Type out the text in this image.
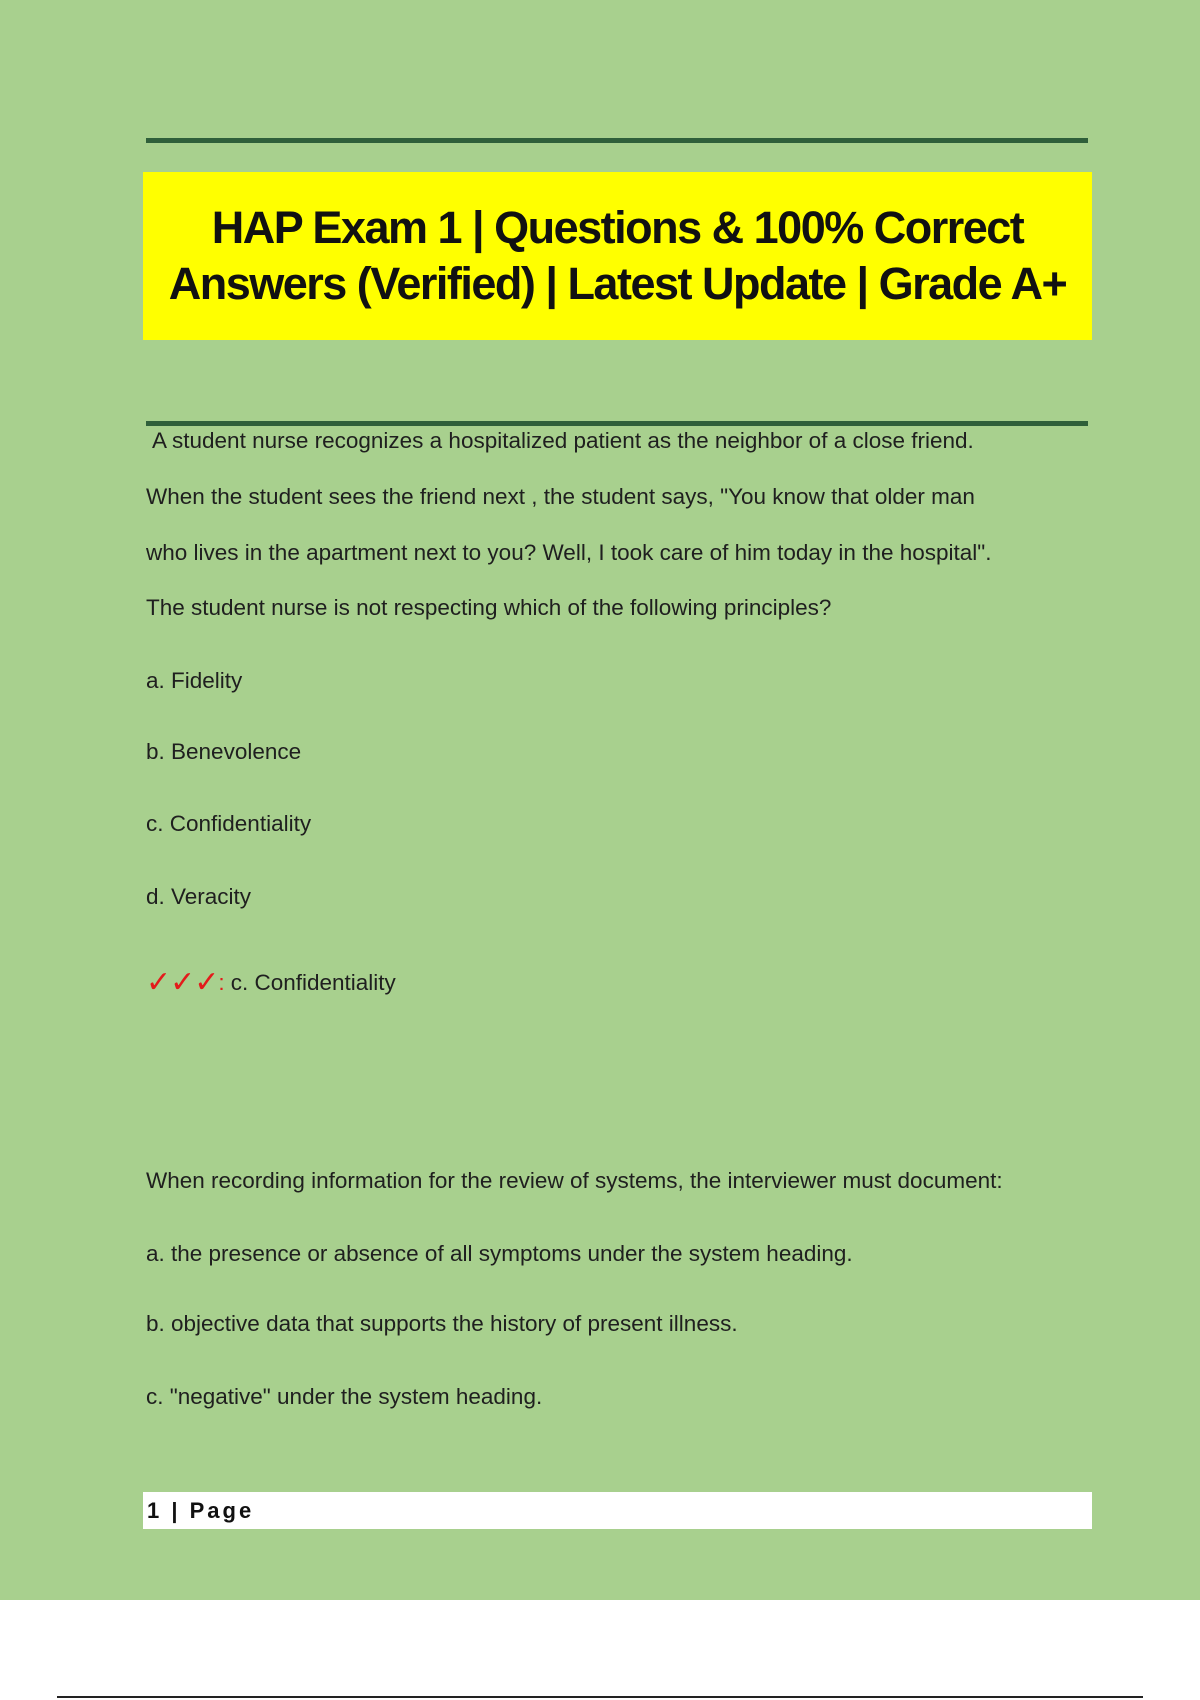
HAP Exam 1 | Questions & 100% Correct Answers (Verified) | Latest Update | Grade A+

A student nurse recognizes a hospitalized patient as the neighbor of a close friend.

When the student sees the friend next , the student says, "You know that older man

who lives in the apartment next to you? Well, I took care of him today in the hospital".

The student nurse is not respecting which of the following principles?

a. Fidelity

b. Benevolence

c. Confidentiality

d. Veracity

✓✓✓: c. Confidentiality

When recording information for the review of systems, the interviewer must document:

a. the presence or absence of all symptoms under the system heading.

b. objective data that supports the history of present illness.

c. "negative" under the system heading.

1 | Page
